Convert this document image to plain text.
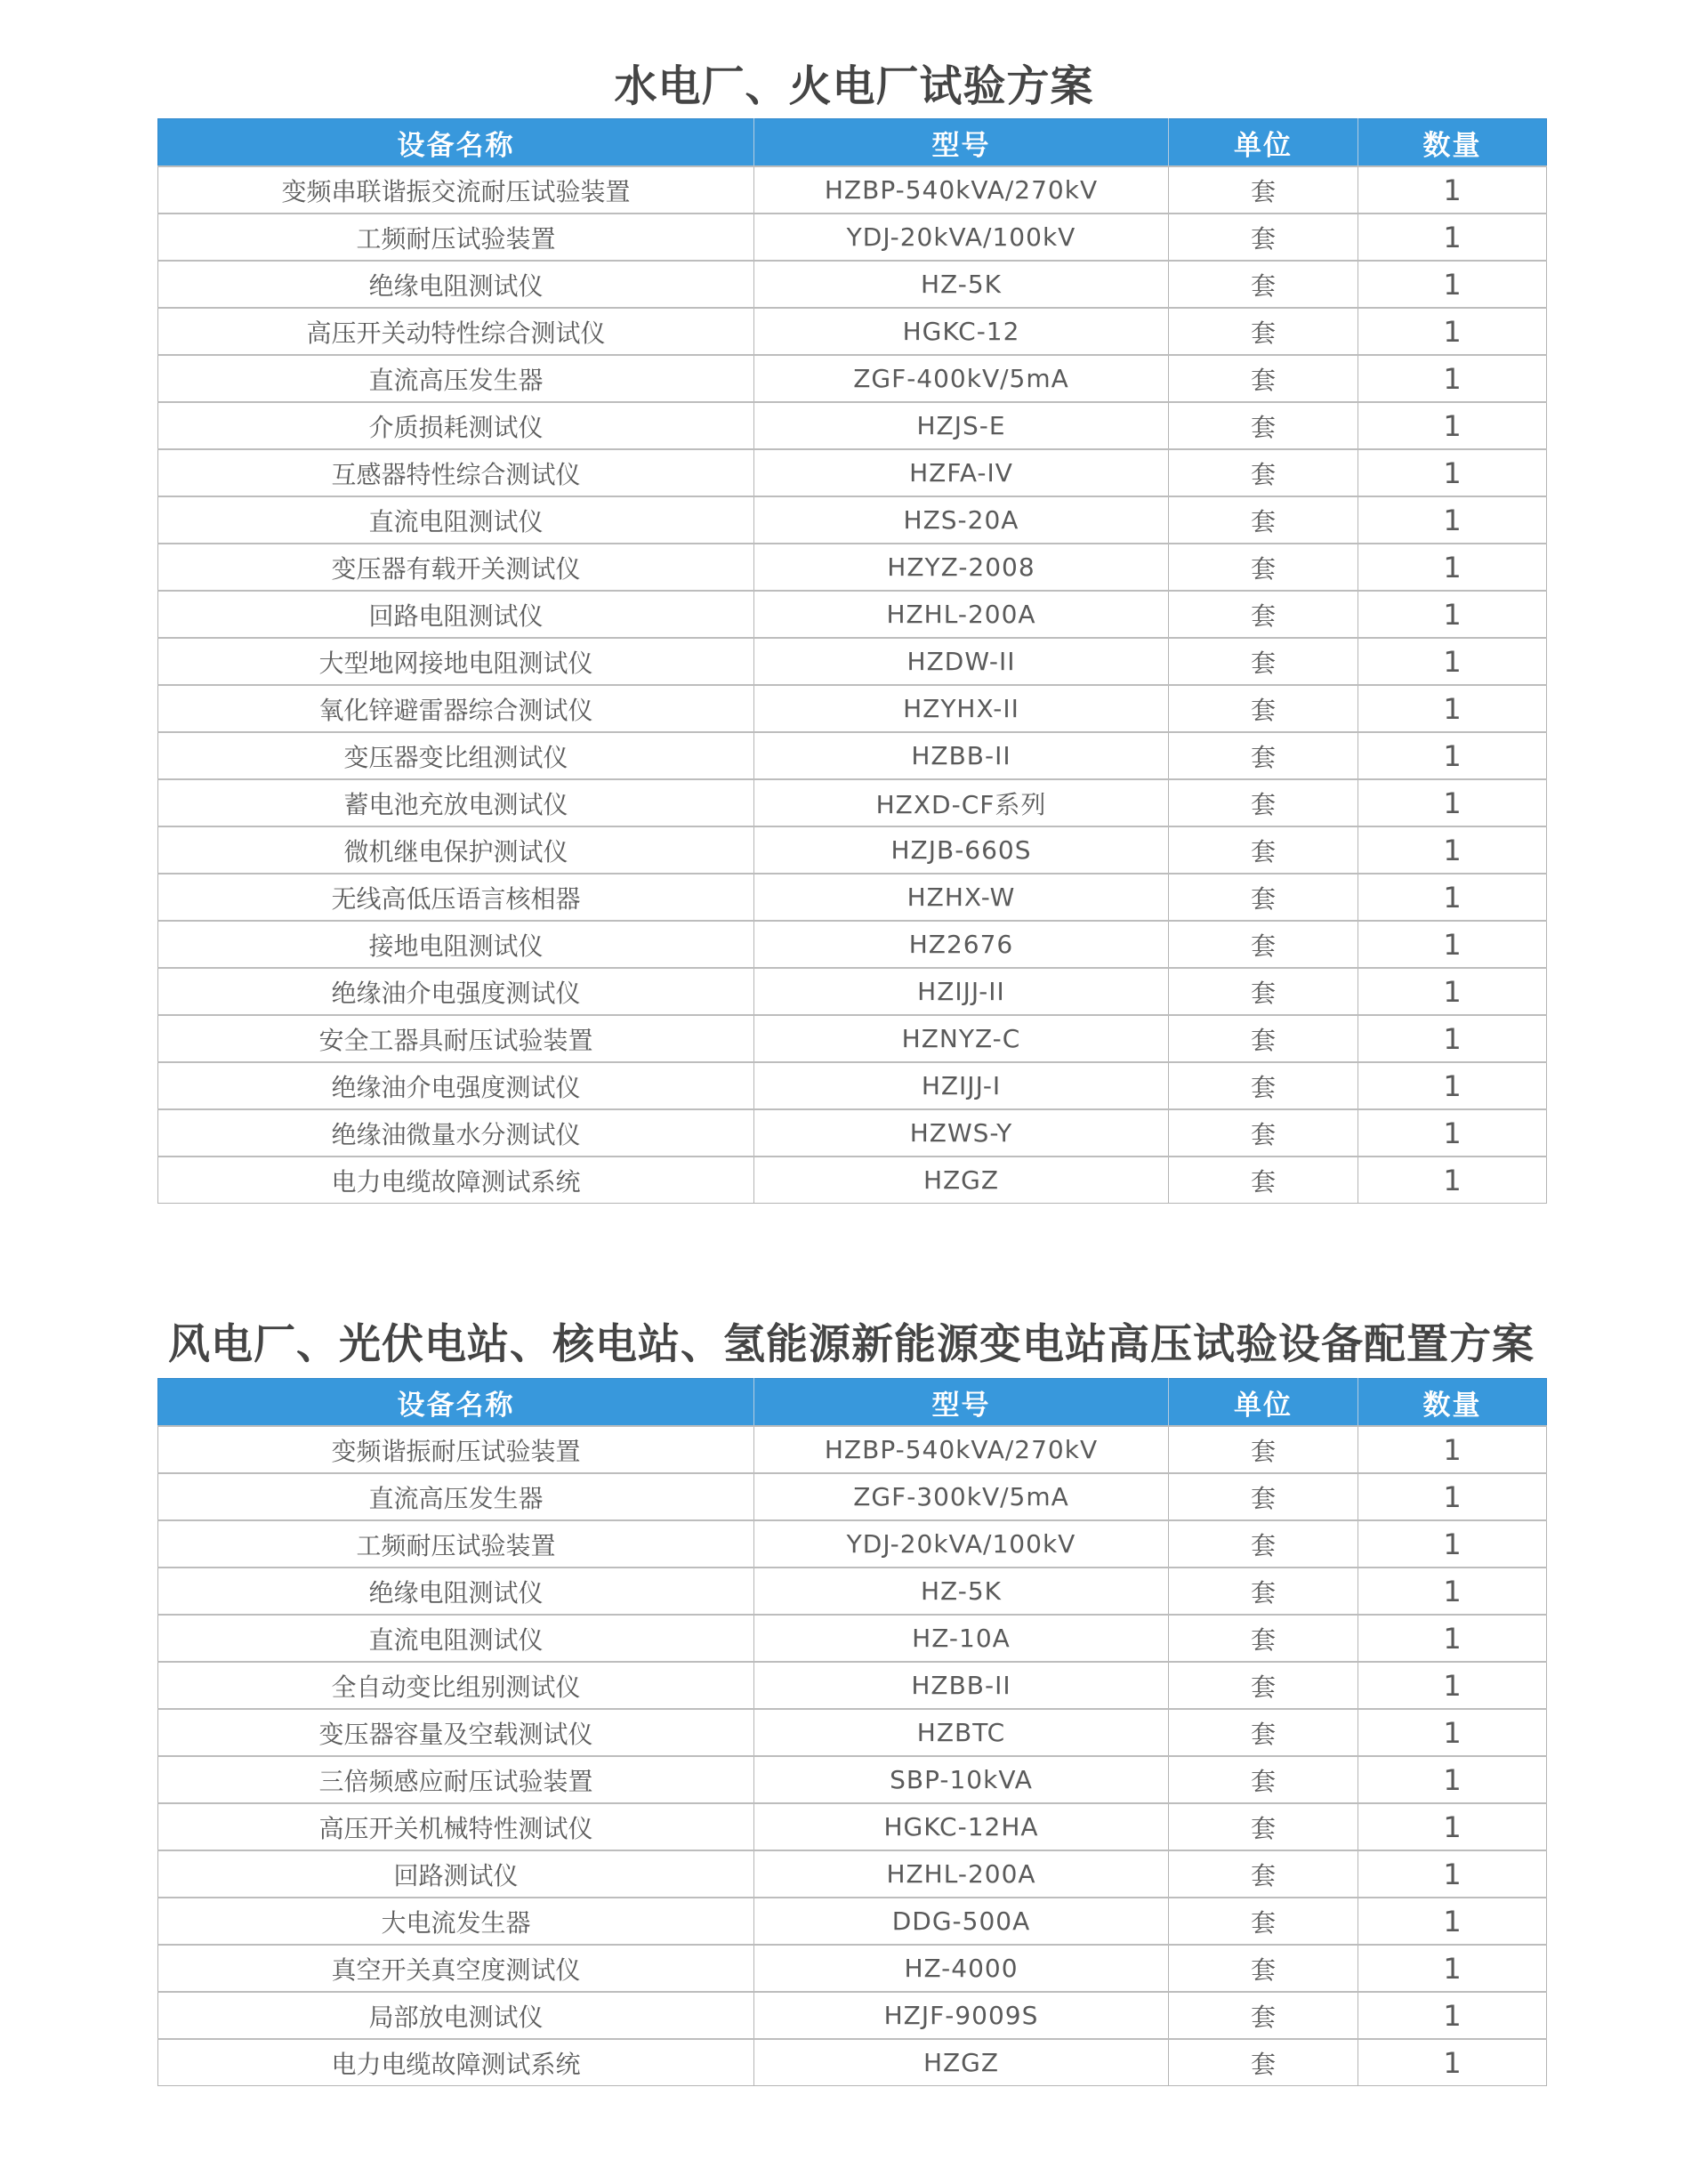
水电厂、火电厂试验方案
设备名称	型号	单位	数量
变频串联谐振交流耐压试验装置	HZBP-540kVA/270kV	套	1
工频耐压试验装置	YDJ-20kVA/100kV	套	1
绝缘电阻测试仪	HZ-5K	套	1
高压开关动特性综合测试仪	HGKC-12	套	1
直流高压发生器	ZGF-400kV/5mA	套	1
介质损耗测试仪	HZJS-E	套	1
互感器特性综合测试仪	HZFA-IV	套	1
直流电阻测试仪	HZS-20A	套	1
变压器有载开关测试仪	HZYZ-2008	套	1
回路电阻测试仪	HZHL-200A	套	1
大型地网接地电阻测试仪	HZDW-II	套	1
氧化锌避雷器综合测试仪	HZYHX-II	套	1
变压器变比组测试仪	HZBB-II	套	1
蓄电池充放电测试仪	HZXD-CF系列	套	1
微机继电保护测试仪	HZJB-660S	套	1
无线高低压语言核相器	HZHX-W	套	1
接地电阻测试仪	HZ2676	套	1
绝缘油介电强度测试仪	HZIJJ-II	套	1
安全工器具耐压试验装置	HZNYZ-C	套	1
绝缘油介电强度测试仪	HZIJJ-I	套	1
绝缘油微量水分测试仪	HZWS-Y	套	1
电力电缆故障测试系统	HZGZ	套	1
风电厂、光伏电站、核电站、氢能源新能源变电站高压试验设备配置方案
设备名称	型号	单位	数量
变频谐振耐压试验装置	HZBP-540kVA/270kV	套	1
直流高压发生器	ZGF-300kV/5mA	套	1
工频耐压试验装置	YDJ-20kVA/100kV	套	1
绝缘电阻测试仪	HZ-5K	套	1
直流电阻测试仪	HZ-10A	套	1
全自动变比组别测试仪	HZBB-II	套	1
变压器容量及空载测试仪	HZBTC	套	1
三倍频感应耐压试验装置	SBP-10kVA	套	1
高压开关机械特性测试仪	HGKC-12HA	套	1
回路测试仪	HZHL-200A	套	1
大电流发生器	DDG-500A	套	1
真空开关真空度测试仪	HZ-4000	套	1
局部放电测试仪	HZJF-9009S	套	1
电力电缆故障测试系统	HZGZ	套	1
